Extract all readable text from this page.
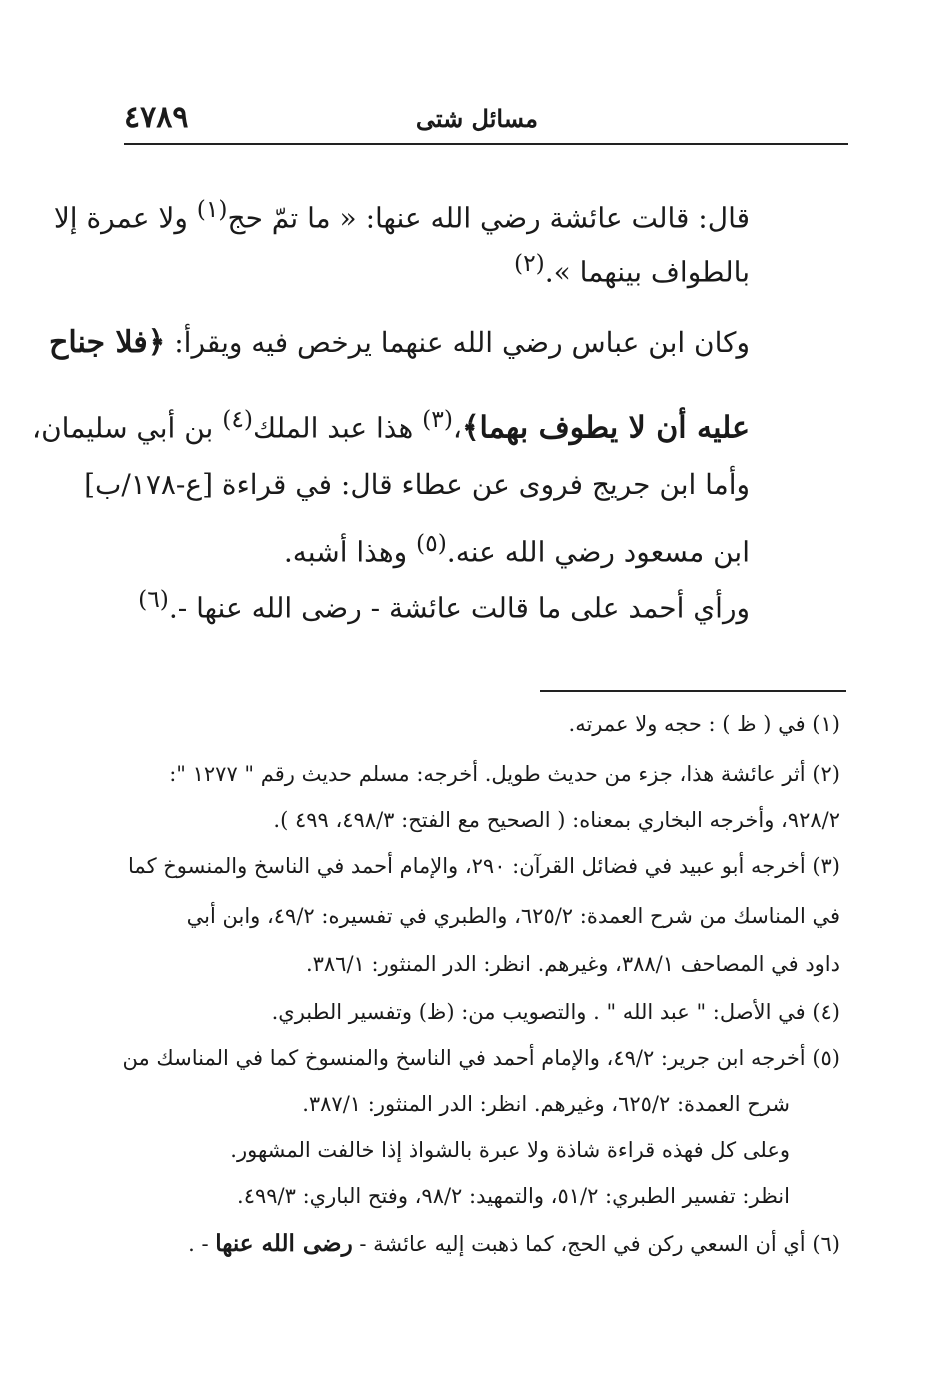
مسائل شتى
٤٧٨٩

قال: قالت عائشة رضي الله عنها: « ما تمّ حج$^{(١)}$ ولا عمرة إلا

بالطواف بينهما ».$^{(٢)}$

وكان ابن عباس رضي الله عنهما يرخص فيه ويقرأ: ﴿فلا جناح

عليه أن لا يطوف بهما﴾،$^{(٣)}$ هذا عبد الملك$^{(٤)}$ بن أبي سليمان،

وأما ابن جريج فروى عن عطاء قال: في قراءة [ع-١٧٨/ب]

ابن مسعود رضي الله عنه.$^{(٥)}$ وهذا أشبه.

ورأي أحمد على ما قالت عائشة - رضى الله عنها -.$^{(٦)}$

(١) في ( ظ ) : حجه ولا عمرته.

(٢) أثر عائشة هذا، جزء من حديث طويل. أخرجه: مسلم حديث رقم " ١٢٧٧ ":

٩٢٨/٢، وأخرجه البخاري بمعناه: ( الصحيح مع الفتح: ٤٩٨/٣، ٤٩٩ ).

(٣) أخرجه أبو عبيد في فضائل القرآن: ٢٩٠، والإمام أحمد في الناسخ والمنسوخ كما

في المناسك من شرح العمدة: ٦٢٥/٢، والطبري في تفسيره: ٤٩/٢، وابن أبي

داود في المصاحف ٣٨٨/١، وغيرهم. انظر: الدر المنثور: ٣٨٦/١.

(٤) في الأصل: " عبد الله " . والتصويب من: (ظ) وتفسير الطبري.

(٥) أخرجه ابن جرير: ٤٩/٢، والإمام أحمد في الناسخ والمنسوخ كما في المناسك من

شرح العمدة: ٦٢٥/٢، وغيرهم. انظر: الدر المنثور: ٣٨٧/١.

وعلى كل فهذه قراءة شاذة ولا عبرة بالشواذ إذا خالفت المشهور.

انظر: تفسير الطبري: ٥١/٢، والتمهيد: ٩٨/٢، وفتح الباري: ٤٩٩/٣.

(٦) أي أن السعي ركن في الحج، كما ذهبت إليه عائشة - رضى الله عنها - .
